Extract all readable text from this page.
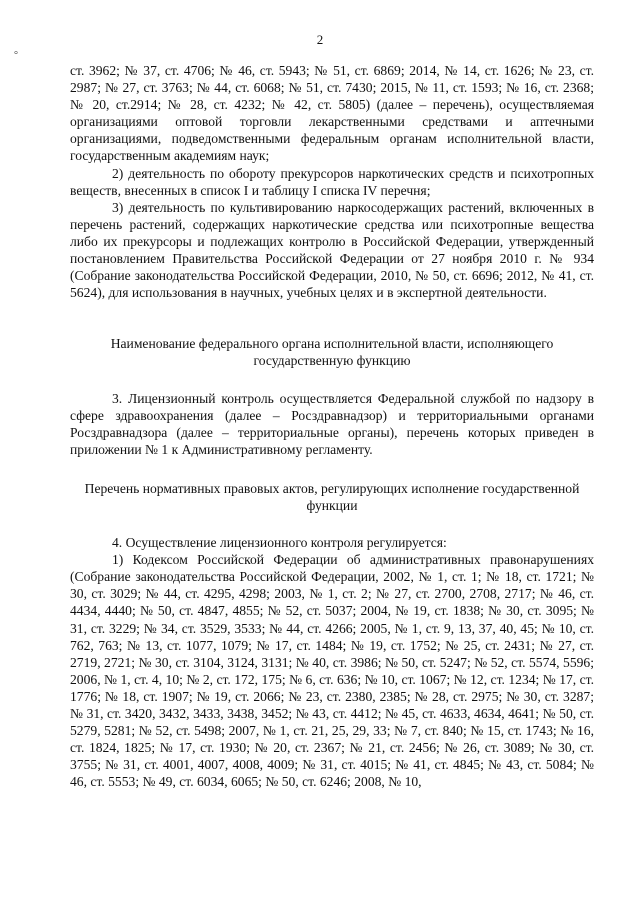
°
2

ст. 3962; № 37, ст. 4706; № 46, ст. 5943; № 51, ст. 6869; 2014, № 14, ст. 1626; № 23, ст. 2987; № 27, ст. 3763; № 44, ст. 6068; № 51, ст. 7430; 2015, № 11, ст. 1593; № 16, ст. 2368; № 20, ст.2914; № 28, ст. 4232; № 42, ст. 5805) (далее – перечень), осуществляемая организациями оптовой торговли лекарственными средствами и аптечными организациями, подведомственными федеральным органам исполнительной власти, государственным академиям наук;

2) деятельность по обороту прекурсоров наркотических средств и психотропных веществ, внесенных в список I и таблицу I списка IV перечня;

3) деятельность по культивированию наркосодержащих растений, включенных в перечень растений, содержащих наркотические средства или психотропные вещества либо их прекурсоры и подлежащих контролю в Российской Федерации, утвержденный постановлением Правительства Российской Федерации от 27 ноября 2010 г. № 934 (Собрание законодательства Российской Федерации, 2010, № 50, ст. 6696; 2012, № 41, ст. 5624), для использования в научных, учебных целях и в экспертной деятельности.

Наименование федерального органа исполнительной власти, исполняющего государственную функцию

3. Лицензионный контроль осуществляется Федеральной службой по надзору в сфере здравоохранения (далее – Росздравнадзор) и территориальными органами Росздравнадзора (далее – территориальные органы), перечень которых приведен в приложении № 1 к Административному регламенту.

Перечень нормативных правовых актов, регулирующих исполнение государственной функции

4. Осуществление лицензионного контроля регулируется:

1) Кодексом Российской Федерации об административных правонарушениях (Собрание законодательства Российской Федерации, 2002, № 1, ст. 1; № 18, ст. 1721; № 30, ст. 3029; № 44, ст. 4295, 4298; 2003, № 1, ст. 2; № 27, ст. 2700, 2708, 2717; № 46, ст. 4434, 4440; № 50, ст. 4847, 4855; № 52, ст. 5037; 2004, № 19, ст. 1838; № 30, ст. 3095; № 31, ст. 3229; № 34, ст. 3529, 3533; № 44, ст. 4266; 2005, № 1, ст. 9, 13, 37, 40, 45; № 10, ст. 762, 763; № 13, ст. 1077, 1079; № 17, ст. 1484; № 19, ст. 1752; № 25, ст. 2431; № 27, ст. 2719, 2721; № 30, ст. 3104, 3124, 3131; № 40, ст. 3986; № 50, ст. 5247; № 52, ст. 5574, 5596; 2006, № 1, ст. 4, 10; № 2, ст. 172, 175; № 6, ст. 636; № 10, ст. 1067; № 12, ст. 1234; № 17, ст. 1776; № 18, ст. 1907; № 19, ст. 2066; № 23, ст. 2380, 2385; № 28, ст. 2975; № 30, ст. 3287; № 31, ст. 3420, 3432, 3433, 3438, 3452; № 43, ст. 4412; № 45, ст. 4633, 4634, 4641; № 50, ст. 5279, 5281; № 52, ст. 5498; 2007, № 1, ст. 21, 25, 29, 33; № 7, ст. 840; № 15, ст. 1743; № 16, ст. 1824, 1825; № 17, ст. 1930; № 20, ст. 2367; № 21, ст. 2456; № 26, ст. 3089; № 30, ст. 3755; № 31, ст. 4001, 4007, 4008, 4009; № 31, ст. 4015; № 41, ст. 4845; № 43, ст. 5084; № 46, ст. 5553; № 49, ст. 6034, 6065; № 50, ст. 6246; 2008, № 10,
